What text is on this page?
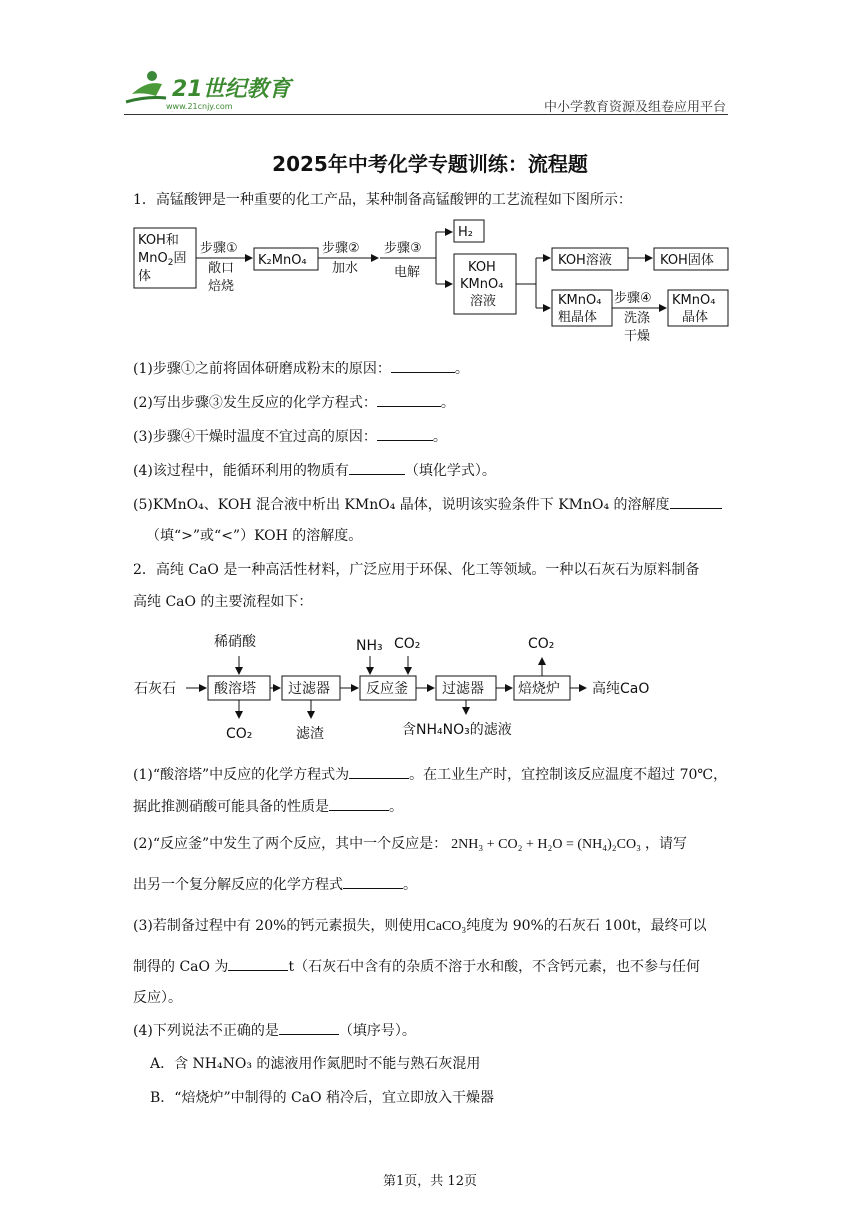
21世纪教育
www.21cnjy.com	中小学教育资源及组卷应用平台
2025年中考化学专题训练：流程题
1．高锰酸钾是一种重要的化工产品，某种制备高锰酸钾的工艺流程如下图所示：
KOH和
MnO$_2$固
体
步骤①
敞口
焙烧
K₂MnO₄
步骤②
加水
步骤③
电解
H₂
KOH
KMnO₄
溶液
KOH溶液	KOH固体
KMnO₄
粗晶体
步骤④
洗涤
干燥
KMnO₄
晶体
(1)步骤①之前将固体研磨成粉末的原因：	。
(2)写出步骤③发生反应的化学方程式：	。
(3)步骤④干燥时温度不宜过高的原因：	。
(4)该过程中，能循环利用的物质有	（填化学式）。
(5)KMnO₄、KOH 混合液中析出 KMnO₄ 晶体，说明该实验条件下 KMnO₄ 的溶解度
（填“>”或“<”）KOH 的溶解度。
2．高纯 CaO 是一种高活性材料，广泛应用于环保、化工等领域。一种以石灰石为原料制备
高纯 CaO 的主要流程如下：
石灰石
稀硝酸
酸溶塔 过滤器
NH₃ CO₂
反应釜 过滤器 焙烧炉 高纯CaO
CO₂	滤渣	含NH₄NO₃的滤液
CO₂
(1)“酸溶塔”中反应的化学方程式为	。在工业生产时，宜控制该反应温度不超过 70℃，
据此推测硝酸可能具备的性质是	。
(2)“反应釜”中发生了两个反应，其中一个反应是： 2NH₃ + CO₂ + H₂O = (NH₄)₂CO₃ ，请写
出另一个复分解反应的化学方程式	。
(3)若制备过程中有 20%的钙元素损失，则使用CaCO₃纯度为 90%的石灰石 100t，最终可以
制得的 CaO 为	t（石灰石中含有的杂质不溶于水和酸，不含钙元素，也不参与任何
反应）。
(4)下列说法不正确的是	（填序号）。
A．含 NH₄NO₃ 的滤液用作氮肥时不能与熟石灰混用
B．“焙烧炉”中制得的 CaO 稍冷后，宜立即放入干燥器
第1页，共 12页
